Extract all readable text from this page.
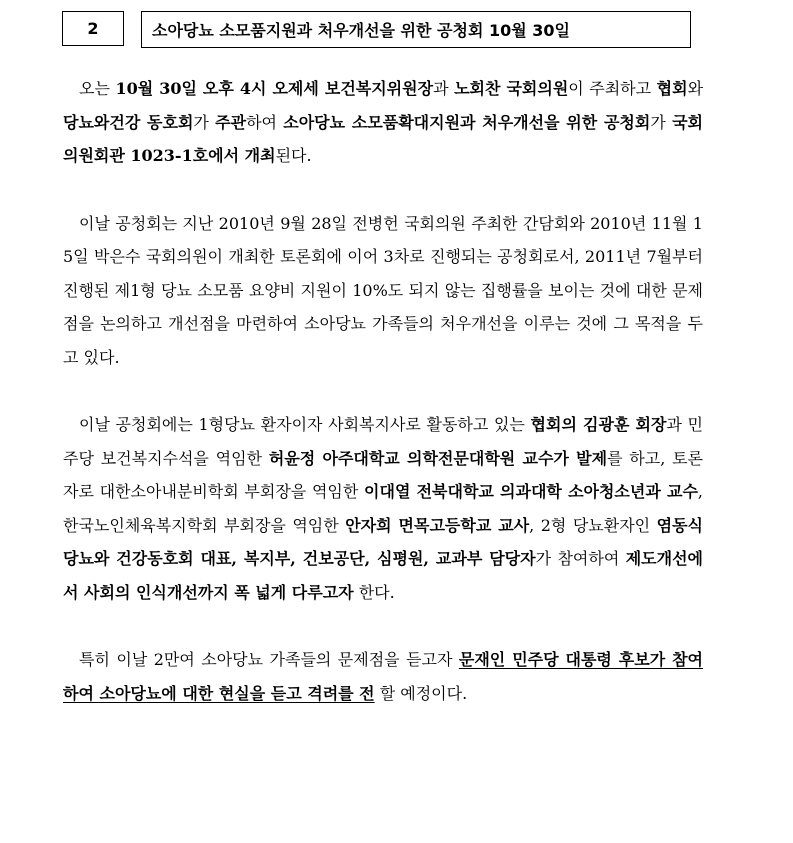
2	소아당뇨 소모품지원과 처우개선을 위한 공청회 10월 30일

오는 10월 30일 오후 4시 오제세 보건복지위원장과 노회찬 국회의원이 주최하고 협회와 당뇨와건강 동호회가 주관하여 소아당뇨 소모품확대지원과 처우개선을 위한 공청회가 국회의원회관 1023-1호에서 개최된다.

이날 공청회는 지난 2010년 9월 28일 전병헌 국회의원 주최한 간담회와 2010년 11월 15일 박은수 국회의원이 개최한 토론회에 이어 3차로 진행되는 공청회로서, 2011년 7월부터 진행된 제1형 당뇨 소모품 요양비 지원이 10%도 되지 않는 집행률을 보이는 것에 대한 문제점을 논의하고 개선점을 마련하여 소아당뇨 가족들의 처우개선을 이루는 것에 그 목적을 두고 있다.

이날 공청회에는 1형당뇨 환자이자 사회복지사로 활동하고 있는 협회의 김광훈 회장과 민주당 보건복지수석을 역임한 허윤정 아주대학교 의학전문대학원 교수가 발제를 하고, 토론자로 대한소아내분비학회 부회장을 역임한 이대열 전북대학교 의과대학 소아청소년과 교수, 한국노인체육복지학회 부회장을 역임한 안자희 면목고등학교 교사, 2형 당뇨환자인 염동식 당뇨와 건강동호회 대표, 복지부, 건보공단, 심평원, 교과부 담당자가 참여하여 제도개선에서 사회의 인식개선까지 폭 넓게 다루고자 한다.

특히 이날 2만여 소아당뇨 가족들의 문제점을 듣고자 문재인 민주당 대통령 후보가 참여하여 소아당뇨에 대한 현실을 듣고 격려를 전 할 예정이다.
